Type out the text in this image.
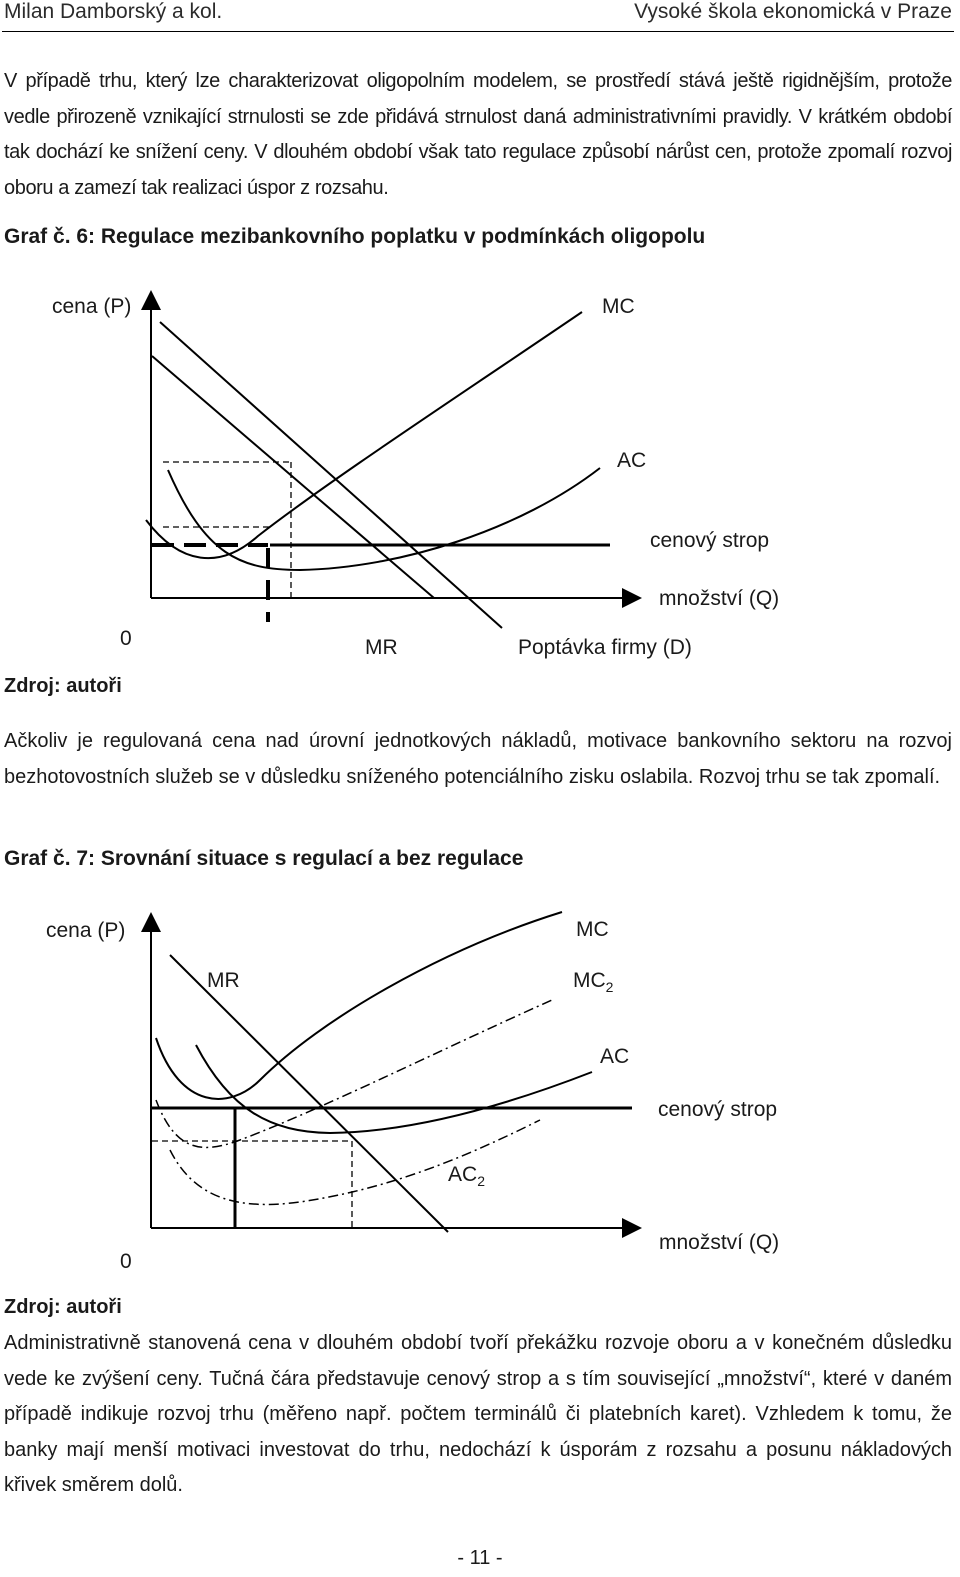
Milan Damborský a kol.	Vysoké škola ekonomická v Praze

V případě trhu, který lze charakterizovat oligopolním modelem, se prostředí stává ještě rigidnějším, protože vedle přirozeně vznikající strnulosti se zde přidává strnulost daná administrativními pravidly. V krátkém období tak dochází ke snížení ceny. V dlouhém období však tato regulace způsobí nárůst cen, protože zpomalí rozvoj oboru a zamezí tak realizaci úspor z rozsahu.

Graf č. 6: Regulace mezibankovního poplatku v podmínkách oligopolu

cena (P)	MC
AC
cenový strop
množství (Q)
0	MR	Poptávka firmy (D)

Zdroj: autoři

Ačkoliv je regulovaná cena nad úrovní jednotkových nákladů, motivace bankovního sektoru na rozvoj bezhotovostních služeb se v důsledku sníženého potenciálního zisku oslabila. Rozvoj trhu se tak zpomalí.

Graf č. 7: Srovnání situace s regulací a bez regulace

cena (P)	MC
MR	$MC_2$
AC
cenový strop
$AC_2$
množství (Q)
0

Zdroj: autoři

Administrativně stanovená cena v dlouhém období tvoří překážku rozvoje oboru a v konečném důsledku vede ke zvýšení ceny. Tučná čára představuje cenový strop a s tím související „množství“, které v daném případě indikuje rozvoj trhu (měřeno např. počtem terminálů či platebních karet). Vzhledem k tomu, že banky mají menší motivaci investovat do trhu, nedochází k úsporám z rozsahu a posunu nákladových křivek směrem dolů.

- 11 -
